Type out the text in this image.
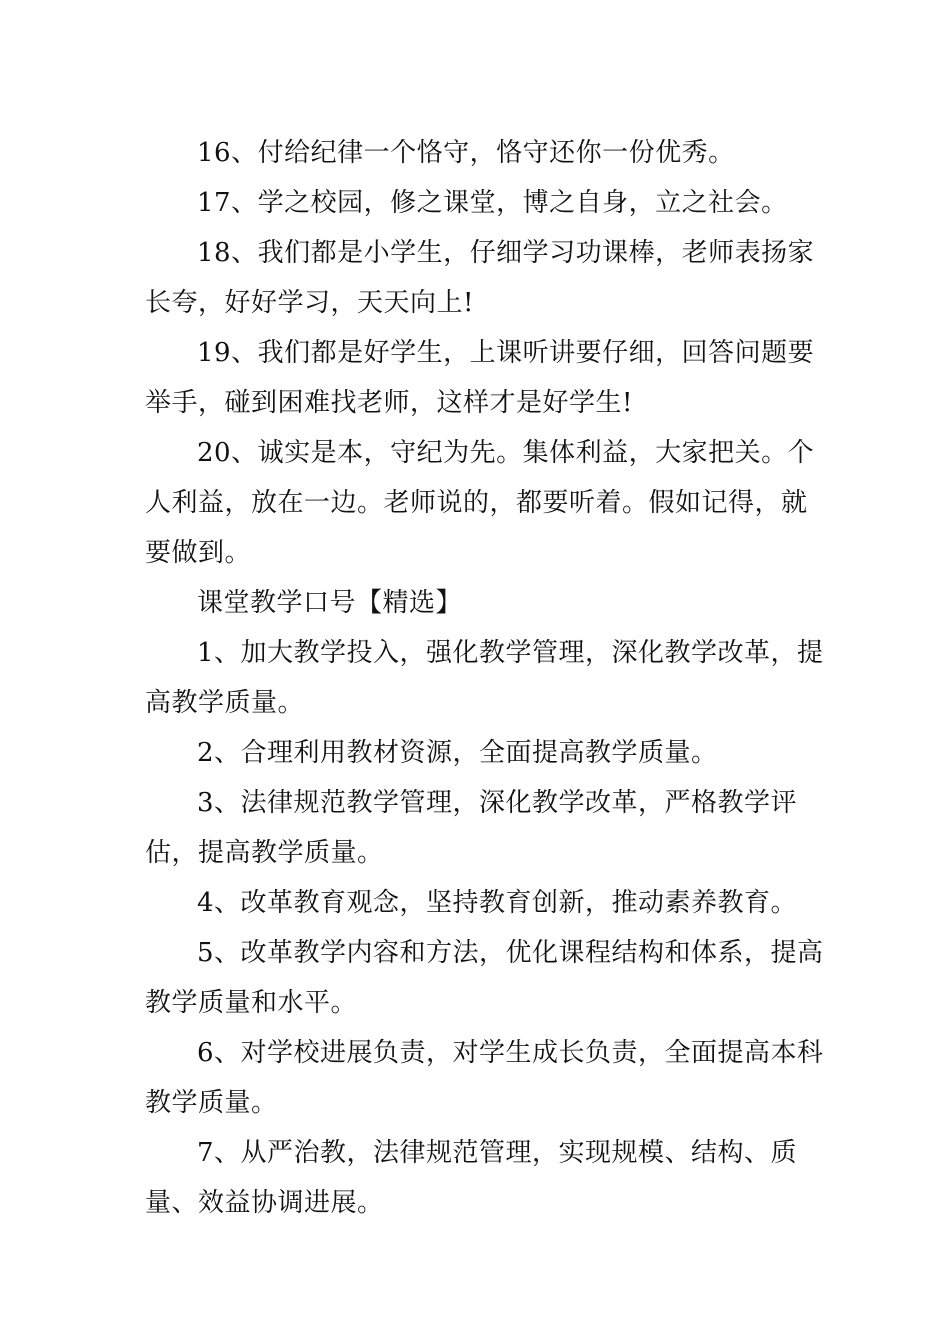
16、付给纪律一个恪守，恪守还你一份优秀。

17、学之校园，修之课堂，博之自身，立之社会。

18、我们都是小学生，仔细学习功课棒，老师表扬家长夸，好好学习，天天向上!

19、我们都是好学生，上课听讲要仔细，回答问题要举手，碰到困难找老师，这样才是好学生!

20、诚实是本，守纪为先。集体利益，大家把关。个人利益，放在一边。老师说的，都要听着。假如记得，就要做到。

课堂教学口号【精选】

1、加大教学投入，强化教学管理，深化教学改革，提高教学质量。

2、合理利用教材资源，全面提高教学质量。

3、法律规范教学管理，深化教学改革，严格教学评估，提高教学质量。

4、改革教育观念，坚持教育创新，推动素养教育。

5、改革教学内容和方法，优化课程结构和体系，提高教学质量和水平。

6、对学校进展负责，对学生成长负责，全面提高本科教学质量。

7、从严治教，法律规范管理，实现规模、结构、质量、效益协调进展。
